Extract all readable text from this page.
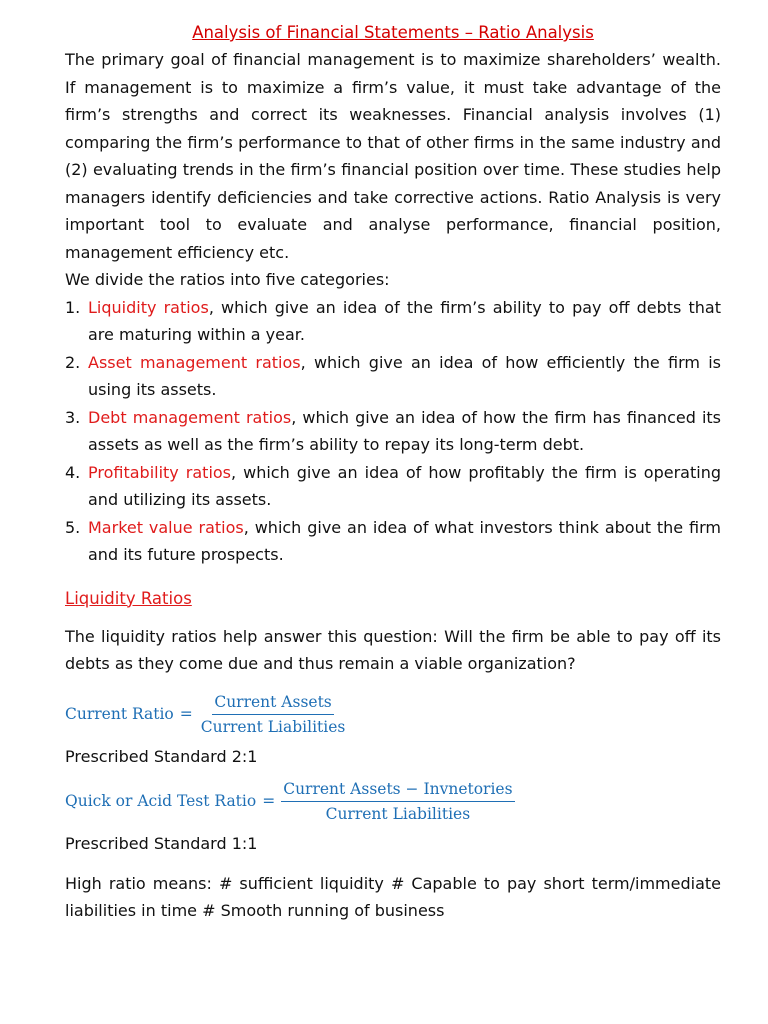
Analysis of Financial Statements – Ratio Analysis

The primary goal of financial management is to maximize shareholders’ wealth. If management is to maximize a firm’s value, it must take advantage of the firm’s strengths and correct its weaknesses. Financial analysis involves (1) comparing the firm’s performance to that of other firms in the same industry and (2) evaluating trends in the firm’s financial position over time. These studies help managers identify deficiencies and take corrective actions. Ratio Analysis is very important tool to evaluate and analyse performance, financial position, management efficiency etc.

We divide the ratios into five categories:

1. Liquidity ratios, which give an idea of the firm’s ability to pay off debts that are maturing within a year.
2. Asset management ratios, which give an idea of how efficiently the firm is using its assets.
3. Debt management ratios, which give an idea of how the firm has financed its assets as well as the firm’s ability to repay its long-term debt.
4. Profitability ratios, which give an idea of how profitably the firm is operating and utilizing its assets.
5. Market value ratios, which give an idea of what investors think about the firm and its future prospects.
Liquidity Ratios

The liquidity ratios help answer this question: Will the firm be able to pay off its debts as they come due and thus remain a viable organization?

Current Ratio = $\frac{\text{Current Assets}}{\text{Current Liabilities}}$

Prescribed Standard 2:1

Quick or Acid Test Ratio = $\frac{\text{Current Assets − Invnetories}}{\text{Current Liabilities}}$

Prescribed Standard 1:1

High ratio means: # sufficient liquidity # Capable to pay short term/immediate liabilities in time # Smooth running of business
